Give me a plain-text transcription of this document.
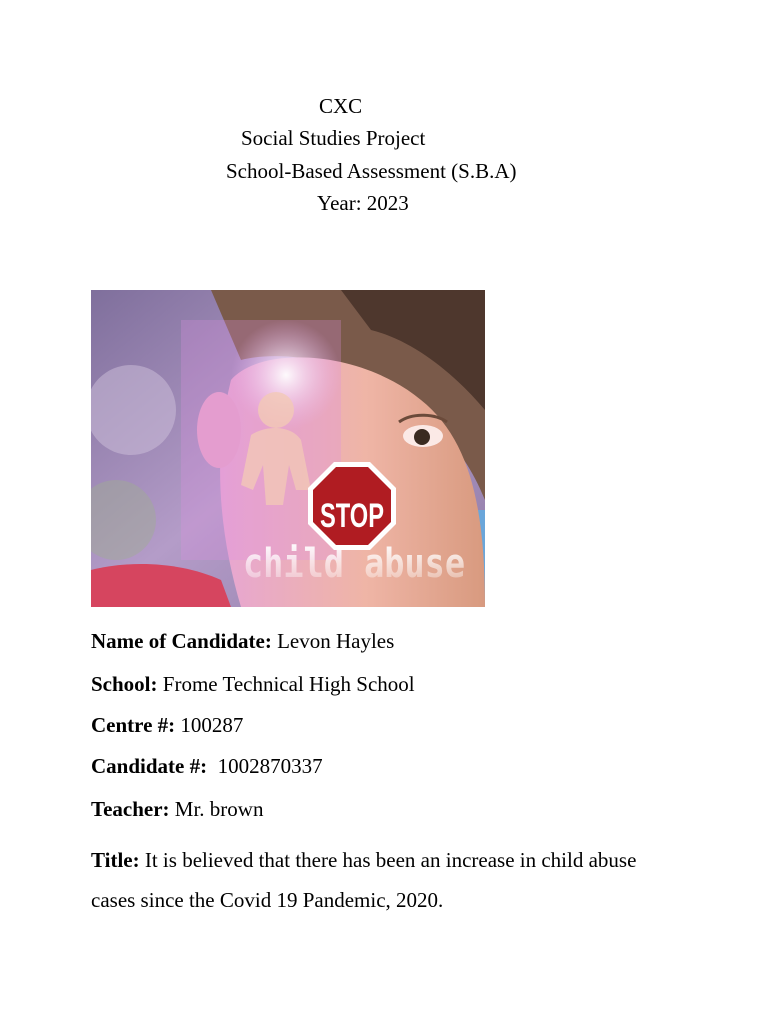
CXC
Social Studies Project
School-Based Assessment (S.B.A)
Year: 2023
STOP
child abuse
Name of Candidate: Levon Hayles
School: Frome Technical High School
Centre #: 100287
Candidate #:  1002870337
Teacher: Mr. brown
Title: It is believed that there has been an increase in child abuse cases since the Covid 19 Pandemic, 2020.
